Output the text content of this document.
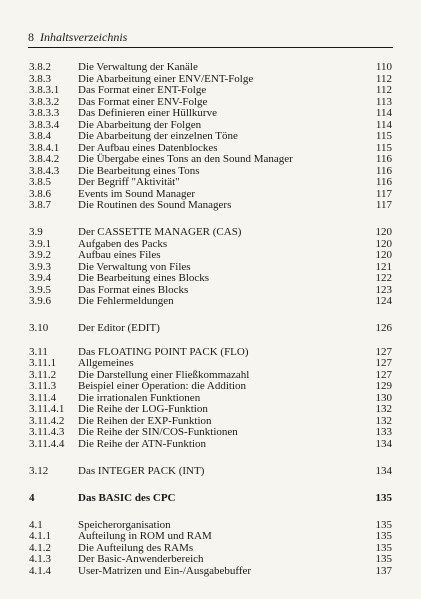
8 Inhaltsverzeichnis
3.8.2 Die Verwaltung der Kanäle	110
3.8.3 Die Abarbeitung einer ENV/ENT-Folge	112
3.8.3.1 Das Format einer ENT-Folge	112
3.8.3.2 Das Format einer ENV-Folge	113
3.8.3.3 Das Definieren einer Hüllkurve	114
3.8.3.4 Die Abarbeitung der Folgen	114
3.8.4 Die Abarbeitung der einzelnen Töne	115
3.8.4.1 Der Aufbau eines Datenblockes	115
3.8.4.2 Die Übergabe eines Tons an den Sound Manager	116
3.8.4.3 Die Bearbeitung eines Tons	116
3.8.5 Der Begriff "Aktivität"	116
3.8.6 Events im Sound Manager	117
3.8.7 Die Routinen des Sound Managers	117
3.9	Der CASSETTE MANAGER (CAS)	120
3.9.1 Aufgaben des Packs	120
3.9.2 Aufbau eines Files	120
3.9.3 Die Verwaltung von Files	121
3.9.4 Die Bearbeitung eines Blocks	122
3.9.5 Das Format eines Blocks	123
3.9.6 Die Fehlermeldungen	124
3.10	Der Editor (EDIT)	126
3.11	Das FLOATING POINT PACK (FLO)	127
3.11.1 Allgemeines	127
3.11.2 Die Darstellung einer Fließkommazahl	127
3.11.3 Beispiel einer Operation: die Addition	129
3.11.4 Die irrationalen Funktionen	130
3.11.4.1 Die Reihe der LOG-Funktion	132
3.11.4.2 Die Reihen der EXP-Funktion	132
3.11.4.3 Die Reihe der SIN/COS-Funktionen	133
3.11.4.4 Die Reihe der ATN-Funktion	134
3.12	Das INTEGER PACK (INT)	134
4	Das BASIC des CPC	135
4.1	Speicherorganisation	135
4.1.1 Aufteilung in ROM und RAM	135
4.1.2 Die Aufteilung des RAMs	135
4.1.3 Der Basic-Anwenderbereich	135
4.1.4 User-Matrizen und Ein-/Ausgabebuffer	137
